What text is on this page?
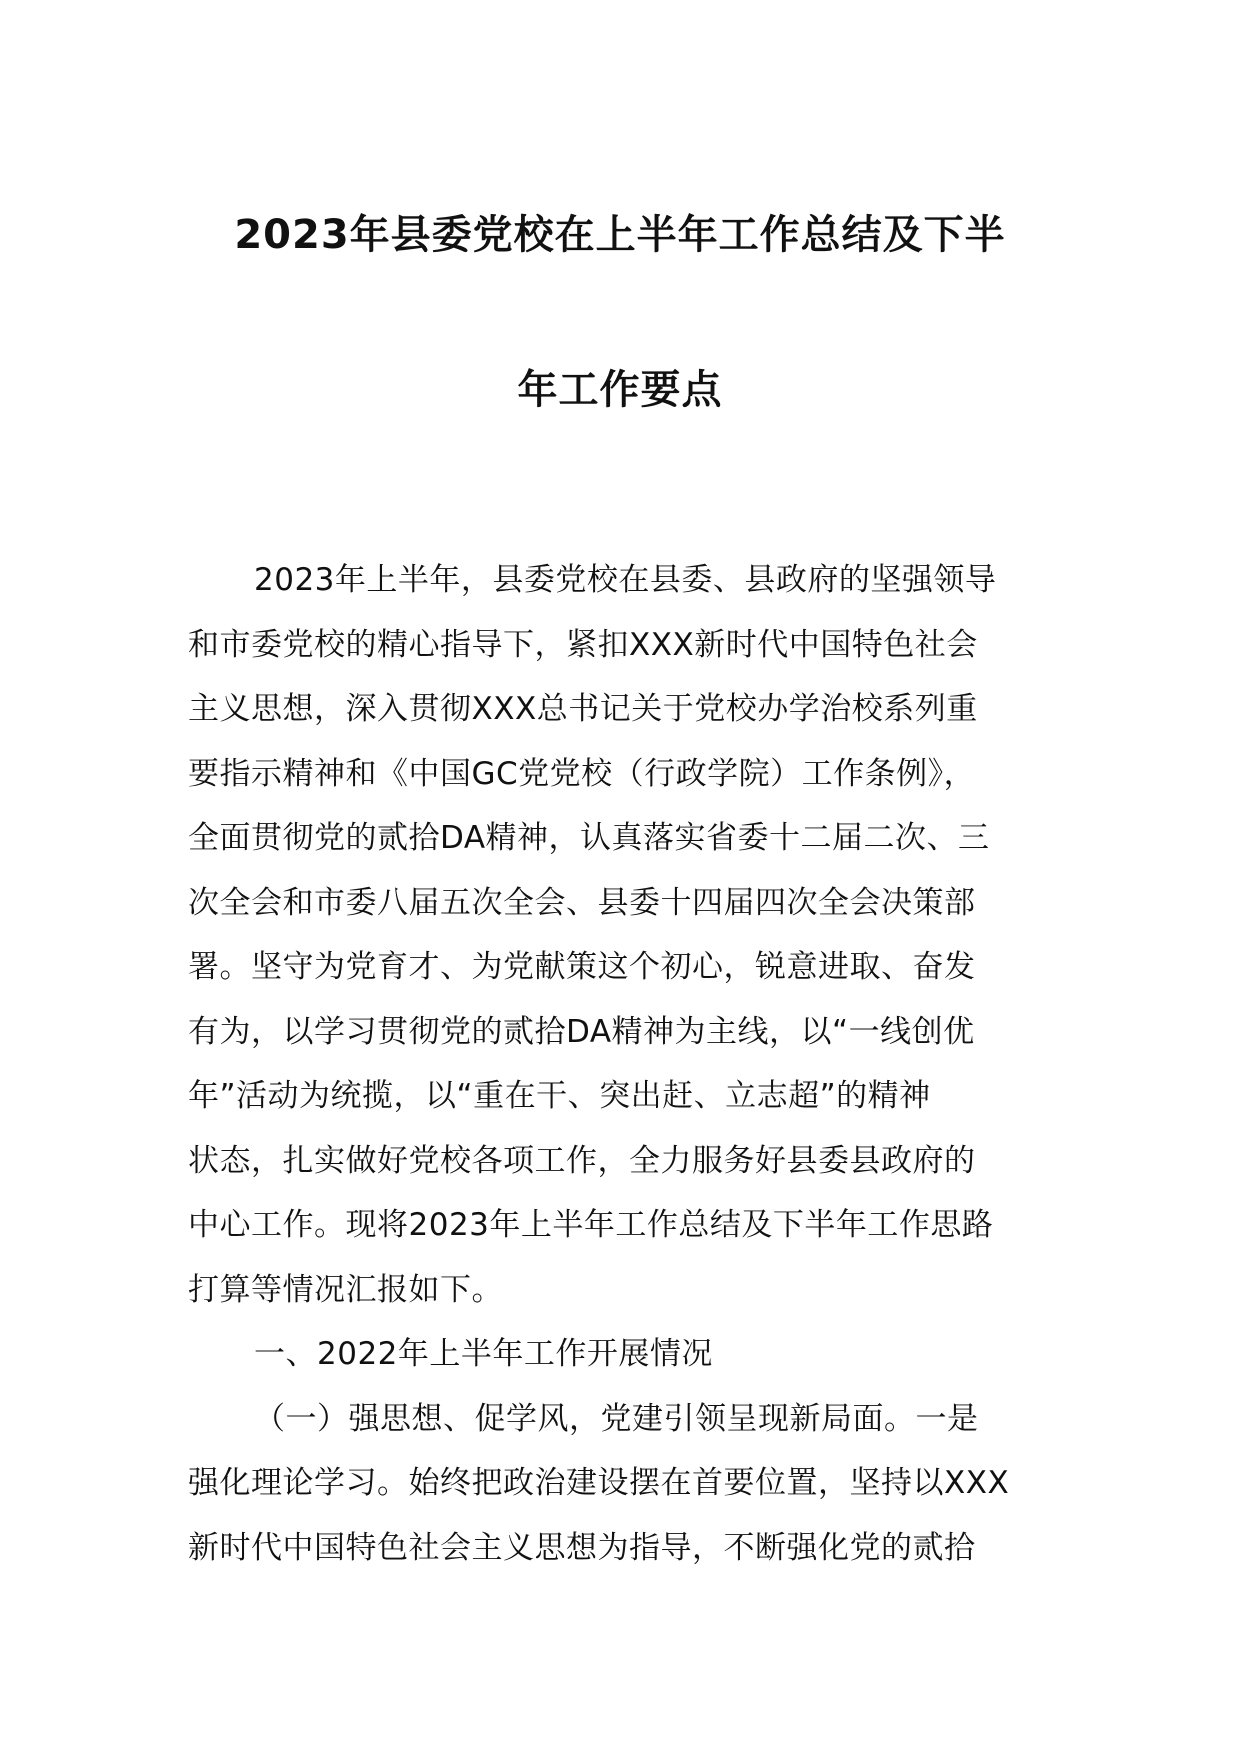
2023年县委党校在上半年工作总结及下半
年工作要点
2023年上半年，县委党校在县委、县政府的坚强领导
和市委党校的精心指导下，紧扣XXX新时代中国特色社会
主义思想，深入贯彻XXX总书记关于党校办学治校系列重
要指示精神和《中国GC党党校（行政学院）工作条例》，
全面贯彻党的贰拾DA精神，认真落实省委十二届二次、三
次全会和市委八届五次全会、县委十四届四次全会决策部
署。坚守为党育才、为党献策这个初心，锐意进取、奋发
有为，以学习贯彻党的贰拾DA精神为主线，以“一线创优
年”活动为统揽，以“重在干、突出赶、立志超”的精神
状态，扎实做好党校各项工作，全力服务好县委县政府的
中心工作。现将2023年上半年工作总结及下半年工作思路
打算等情况汇报如下。
一、2022年上半年工作开展情况
（一）强思想、促学风，党建引领呈现新局面。一是
强化理论学习。始终把政治建设摆在首要位置，坚持以XXX
新时代中国特色社会主义思想为指导，不断强化党的贰拾
